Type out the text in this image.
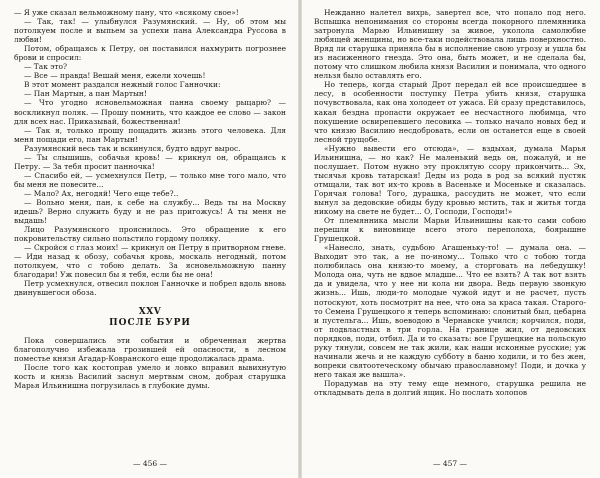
— Я уже сказал вельможному пану, что «всякому свое»!

— Так, так! — улыбнулся Разумянский. — Ну, об этом мы потолкуем после и выпьем за успехи пана Александра Руссова в любви!

Потом, обращаясь к Петру, он поставился нахмурить погрознее брови и спросил:

— Так это?

— Все — правда! Вешай меня, ежели хочешь!

В этот момент раздался нежный голос Ганночки:

— Пан Мартын, а пан Мартын!

— Что угодно ясновельможная панна своему рыцарю? — воскликнул поляк. — Прошу помнить, что каждое ее слово — закон для всех нас. Приказывай, божественная!

— Так я, только прошу пощадить жизнь этого человека. Для меня пощади его, пан Мартын!

Разумянский весь так и вскинулся, будто вдруг вырос.

— Ты слышишь, собачья кровь! — крикнул он, обращаясь к Петру. — За тебя просит панночка!

— Спасибо ей, — усмехнулся Петр, — только мне того мало, что бы меня не повесите...

— Мало? Ах, негодяй! Чего еще тебе?..

— Вольно меня, пан, к себе на службу... Ведь ты на Москву идешь? Верно служить буду и не раз пригожусь! А ты меня не выдашь!

Лицо Разумянского прояснилось. Это обращение к его покровительству сильно польстило гордому поляку.

— Скройся с глаз моих! — крикнул он Петру в притворном гневе. — Иди назад к обозу, собачья кровь, москаль негодный, потом потолкуем, что с тобою делать. За ясновельможную панну благодари! Уж повесил бы я тебя, если бы не она!

Петр усмехнулся, отвесил поклон Ганночке и побрел вдоль вновь двинувшегося обоза.

XXV
ПОСЛЕ БУРИ

Пока совершались эти события и обреченная жертва благополучно избежала грозившей ей опасности, в лесном поместье князя Агадар-Ковранского еще продолжалась драма.

После того как костоправ умело и ловко вправил вывихнутую кость и князь Василий заснул мертвым сном, добрая старушка Марья Ильинишна погрузилась в глубокие думы.

— 456 —

Нежданно налетел вихрь, завертел все, что попало под него. Вспышка непонимания со стороны всегда покорного племянника затронула Марью Ильинишну за живое, уколола самолюбие любящей женщины, но все-таки подействовала лишь поверхностно. Вряд ли старушка приняла бы в исполнение свою угрозу и ушла бы из насиженного гнезда. Это она, быть может, и не сделала бы, потому что слишком любила князя Василия и понимала, что одного нельзя было оставлять его.

Но теперь, когда старый Дрот передал ей все происшедшее в лесу, в особенности поступку Петра убить князя, старушка почувствовала, как она холодеет от ужаса. Ей сразу представилось, какая бездна пропасти окружает ее несчастного любимца, что покушение освирепевшего лесовика — только начало новых бед и что князю Василию несдобровать, если он останется еще в своей лесной трущобе.

«Нужно вывести его отсюда», — вздыхая, думала Марья Ильинишна, — но как? Не маленький ведь он, пожалуй, и не послушает. Потом нужно эту проклятую ссору прикончить... Эх, тысячья кровь татарская! Деды из рода в род за всякий пустяк отмщали, так вот их-то кровь в Васеньке и Мосеньке и сказалась. Горячая голова! Того, дурашка, рассудить не может, что если вынул за дедовские обиды буду кровью мстить, так и житья тогда никому на свете не будет... О, Господи, Господи!»

От племянника мысли Марьи Ильинишны как-то сами собою перешли к виновнице всего этого переполоха, боярышне Грушецкой.

«Нанесло, знать, судьбою Агашеньку-то! — думала она. — Выходит это так, а не по-иному... Только что с тобою тогда полюбилась она князю-то моему, а сторговать на лебедушку! Молода она, чуть не вдвое младше... Что ее взять? А так вот взять да и увидела, что у нее ни кола ни двора. Ведь первую звонкую жизнь... Ишь, люди-то молодые чужой идут и не расчет, пусть потоскуют, хоть посмотрят на нее, что она за краса такая. Старого-то Семена Грушецкого я теперь вспоминаю: слонитый был, цебарна и пустельга... Ишь, воеводою в Чернавске учился; корчился, поди, от подвластных в три горла. На границе жил, от дедовских порядков, поди, отбил. Да и то сказать: все Грушецкие на польскую руку тянули, совсем не так жили, как наши исконные русские; уж начинали жечь и не каждую субботу в баню ходили, и то без жен, вопреки святоотеческому обычаю православному! Поди, и дочка у него такая же вышла».

Порадумав на эту тему еще немного, старушка решила не откладывать дела в долгий ящик. Но послать холопов

— 457 —
